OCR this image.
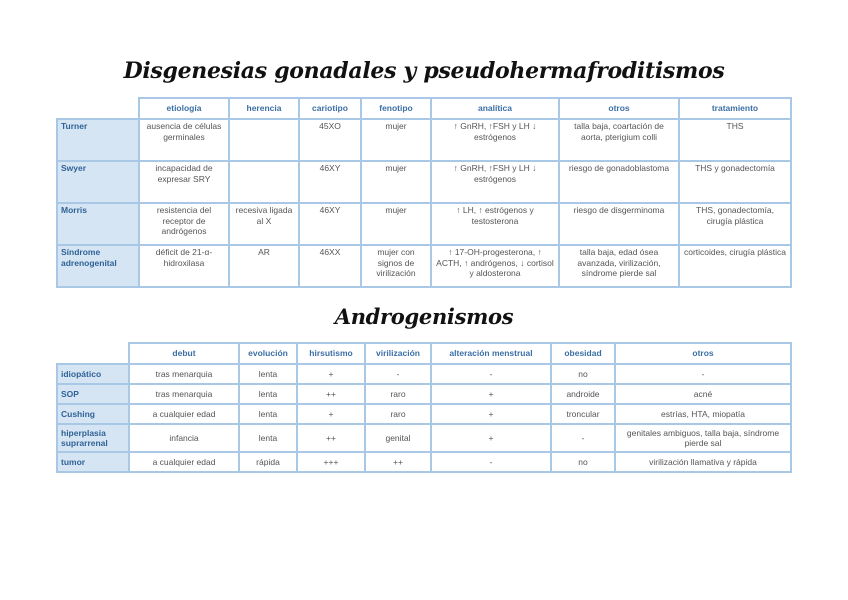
Disgenesias gonadales y pseudohermafroditismos
	etiología	herencia	cariotipo	fenotipo	analítica	otros	tratamiento
Turner	ausencia de células germinales		45XO	mujer	↑ GnRH, ↑FSH y LH ↓ estrógenos	talla baja, coartación de aorta, pterigium colli	THS
Swyer	incapacidad de expresar SRY		46XY	mujer	↑ GnRH, ↑FSH y LH ↓ estrógenos	riesgo de gonadoblastoma	THS y gonadectomía
Morris	resistencia del receptor de andrógenos	recesiva ligada al X	46XY	mujer	↑ LH, ↑ estrógenos y testosterona	riesgo de disgerminoma	THS, gonadectomía, cirugía plástica
Síndrome adrenogenital	déficit de 21-α-hidroxilasa	AR	46XX	mujer con signos de virilización	↑ 17-OH-progesterona, ↑ ACTH, ↑ andrógenos, ↓ cortisol y aldosterona	talla baja, edad ósea avanzada, virilización, síndrome pierde sal	corticoides, cirugía plástica
Androgenismos
	debut	evolución	hirsutismo	virilización	alteración menstrual	obesidad	otros
idiopático	tras menarquia	lenta	+	-	-	no	-
SOP	tras menarquia	lenta	++	raro	+	androide	acné
Cushing	a cualquier edad	lenta	+	raro	+	troncular	estrías, HTA, miopatía
hiperplasia suprarrenal	infancia	lenta	++	genital	+	-	genitales ambiguos, talla baja, síndrome pierde sal
tumor	a cualquier edad	rápida	+++	++	-	no	virilización llamativa y rápida
